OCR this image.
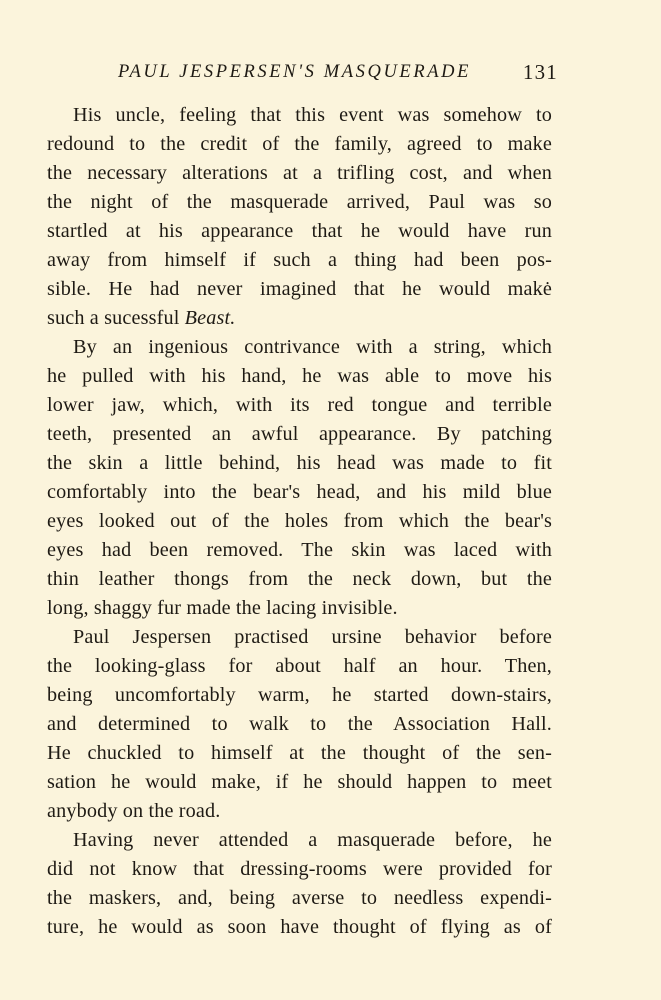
PAUL JESPERSEN'S MASQUERADE 131
His uncle, feeling that this event was somehow to
redound to the credit of the family, agreed to make
the necessary alterations at a trifling cost, and when
the night of the masquerade arrived, Paul was so
startled at his appearance that he would have run
away from himself if such a thing had been pos-
sible. He had never imagined that he would makė
such a sucessful Beast.
By an ingenious contrivance with a string, which
he pulled with his hand, he was able to move his
lower jaw, which, with its red tongue and terrible
teeth, presented an awful appearance. By patching
the skin a little behind, his head was made to fit
comfortably into the bear's head, and his mild blue
eyes looked out of the holes from which the bear's
eyes had been removed. The skin was laced with
thin leather thongs from the neck down, but the
long, shaggy fur made the lacing invisible.
Paul Jespersen practised ursine behavior before
the looking-glass for about half an hour. Then,
being uncomfortably warm, he started down-stairs,
and determined to walk to the Association Hall.
He chuckled to himself at the thought of the sen-
sation he would make, if he should happen to meet
anybody on the road.
Having never attended a masquerade before, he
did not know that dressing-rooms were provided for
the maskers, and, being averse to needless expendi-
ture, he would as soon have thought of flying as of
